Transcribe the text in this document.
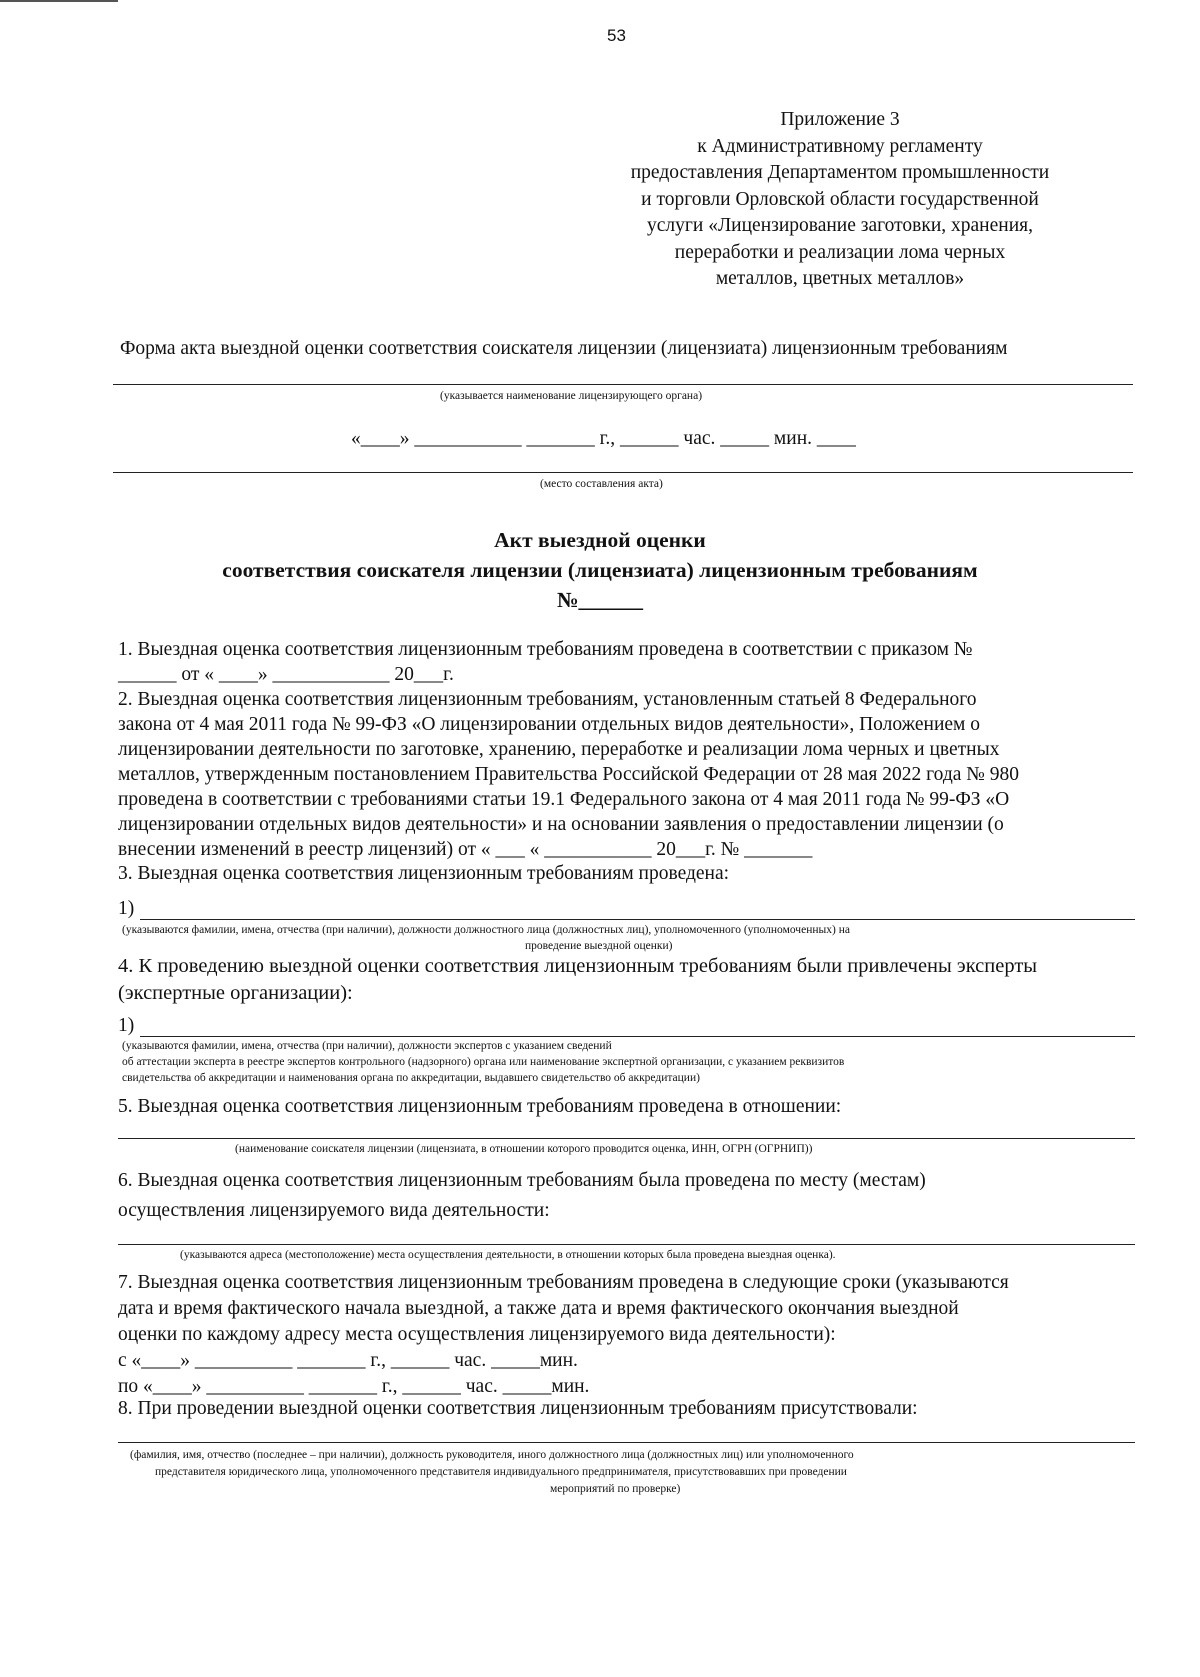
53
Приложение 3
к Административному регламенту
предоставления Департаментом промышленности
и торговли Орловской области государственной
услуги «Лицензирование заготовки, хранения,
переработки и реализации лома черных
металлов, цветных металлов»
Форма акта выездной оценки соответствия соискателя лицензии (лицензиата) лицензионным требованиям
(указывается наименование лицензирующего органа)
«____» ___________ _______ г., ______ час. _____ мин. ____
(место составления акта)
Акт выездной оценки
соответствия соискателя лицензии (лицензиата) лицензионным требованиям
№______
1. Выездная оценка соответствия лицензионным требованиям проведена в соответствии с приказом №
______ от « ____» ____________ 20___г.
2. Выездная оценка соответствия лицензионным требованиям, установленным статьей 8 Федерального
закона от 4 мая 2011 года № 99-ФЗ «О лицензировании отдельных видов деятельности», Положением о
лицензировании деятельности по заготовке, хранению, переработке и реализации лома черных и цветных
металлов, утвержденным постановлением Правительства Российской Федерации от 28 мая 2022 года № 980
проведена в соответствии с требованиями статьи 19.1 Федерального закона от 4 мая 2011 года № 99-ФЗ «О
лицензировании отдельных видов деятельности» и на основании заявления о предоставлении лицензии (о
внесении изменений в реестр лицензий) от « ___ « ___________ 20___г. № _______
3. Выездная оценка соответствия лицензионным требованиям проведена:
1)
(указываются фамилии, имена, отчества (при наличии), должности должностного лица (должностных лиц), уполномоченного (уполномоченных) на
проведение выездной оценки)
4. К проведению выездной оценки соответствия лицензионным требованиям были привлечены эксперты
(экспертные организации):
1)
(указываются фамилии, имена, отчества (при наличии), должности экспертов с указанием сведений
об аттестации эксперта в реестре экспертов контрольного (надзорного) органа или наименование экспертной организации, с указанием реквизитов
свидетельства об аккредитации и наименования органа по аккредитации, выдавшего свидетельство об аккредитации)
5. Выездная оценка соответствия лицензионным требованиям проведена в отношении:
(наименование соискателя лицензии (лицензиата, в отношении которого проводится оценка, ИНН, ОГРН (ОГРНИП))
6. Выездная оценка соответствия лицензионным требованиям была проведена по месту (местам)
осуществления лицензируемого вида деятельности:
(указываются адреса (местоположение) места осуществления деятельности, в отношении которых была проведена выездная оценка).
7. Выездная оценка соответствия лицензионным требованиям проведена в следующие сроки (указываются
дата и время фактического начала выездной, а также дата и время фактического окончания выездной
оценки по каждому адресу места осуществления лицензируемого вида деятельности):
с «____» __________ _______ г., ______ час. _____мин.
по «____» __________ _______ г., ______ час. _____мин.
8. При проведении выездной оценки соответствия лицензионным требованиям присутствовали:
(фамилия, имя, отчество (последнее – при наличии), должность руководителя, иного должностного лица (должностных лиц) или уполномоченного
представителя юридического лица, уполномоченного представителя индивидуального предпринимателя, присутствовавших при проведении
мероприятий по проверке)
